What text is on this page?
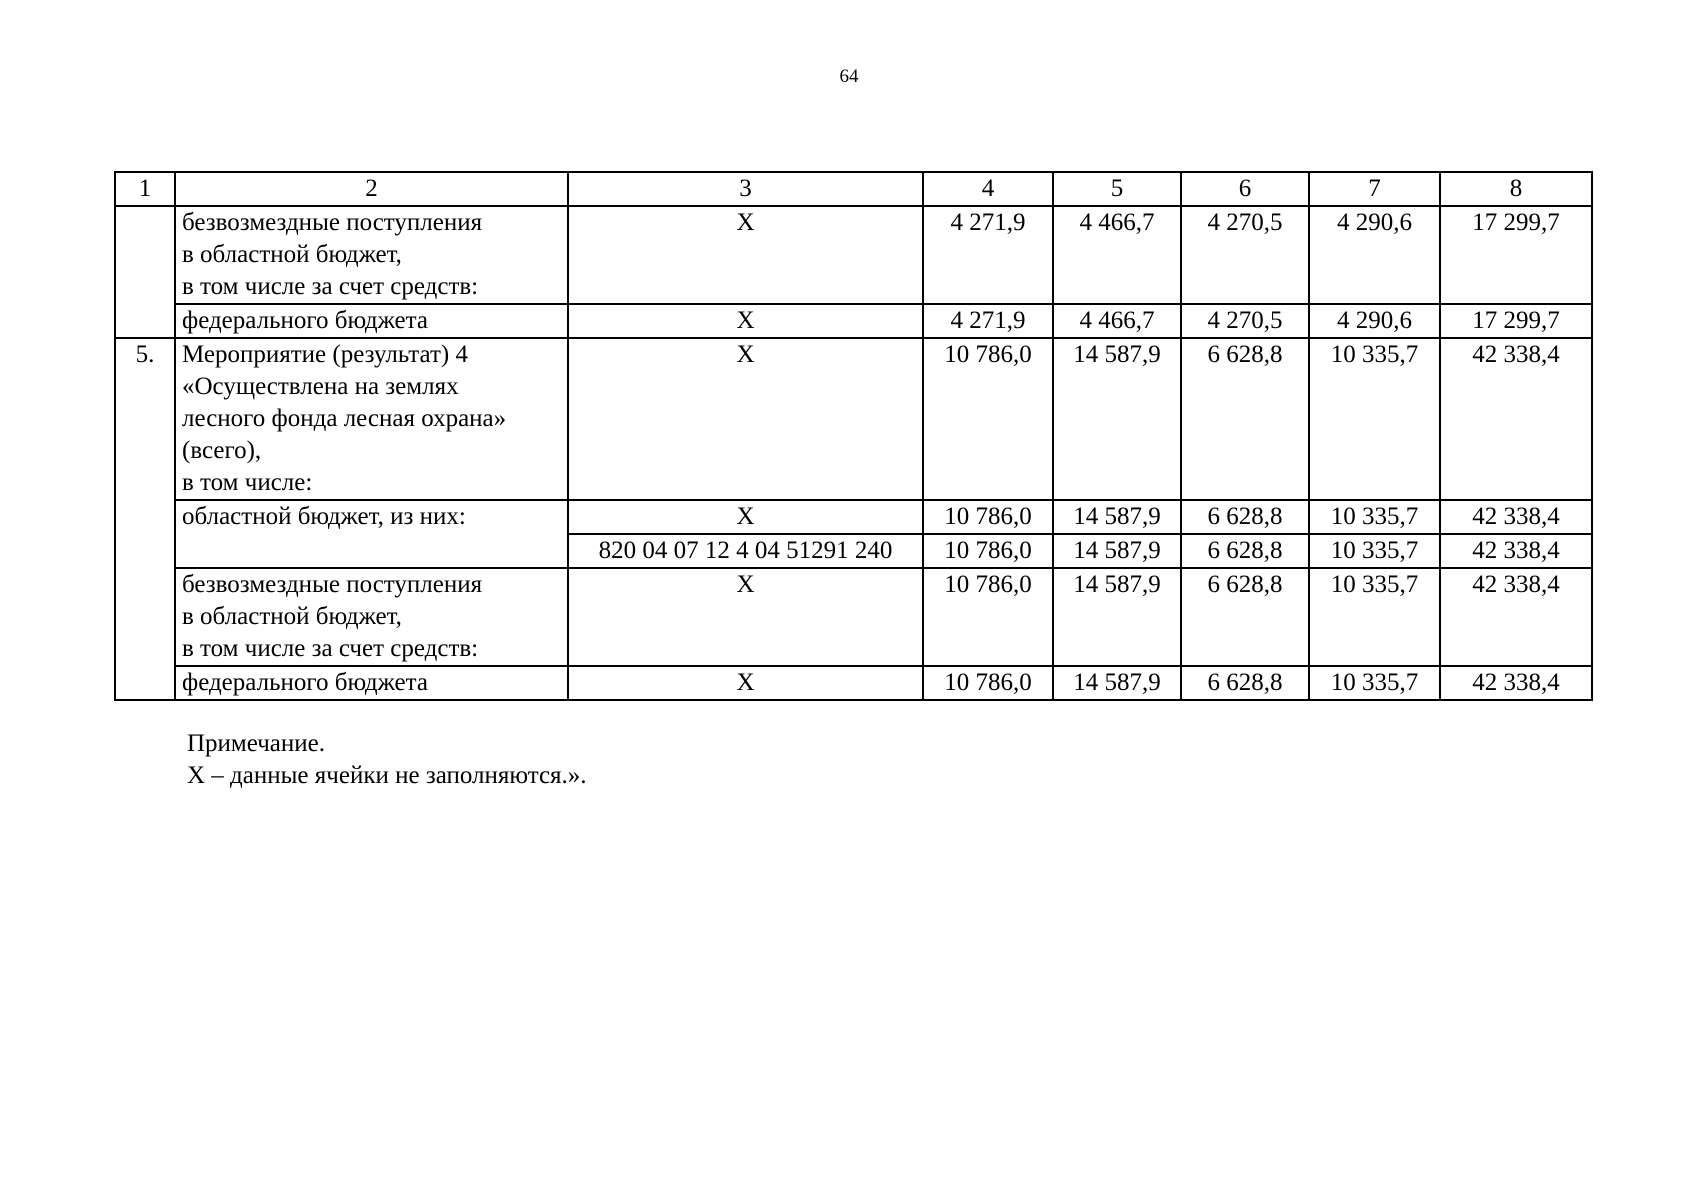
64
1	2	3	4	5	6	7	8

	безвозмездные поступления
в областной бюджет,
в том числе за счет средств:	Х	4 271,9	4 466,7	4 270,5	4 290,6	17 299,7

	федерального бюджета	Х	4 271,9	4 466,7	4 270,5	4 290,6	17 299,7
5.	Мероприятие (результат) 4
«Осуществлена на землях
лесного фонда лесная охрана»
(всего),
в том числе:	Х	10 786,0	14 587,9	6 628,8	10 335,7	42 338,4

	областной бюджет, из них:	Х	10 786,0	14 587,9	6 628,8	10 335,7	42 338,4
		820 04 07 12 4 04 51291 240	10 786,0	14 587,9	6 628,8	10 335,7	42 338,4

	безвозмездные поступления
в областной бюджет,
в том числе за счет средств:	Х	10 786,0	14 587,9	6 628,8	10 335,7	42 338,4

	федерального бюджета	Х	10 786,0	14 587,9	6 628,8	10 335,7	42 338,4
Примечание.
Х – данные ячейки не заполняются.».
